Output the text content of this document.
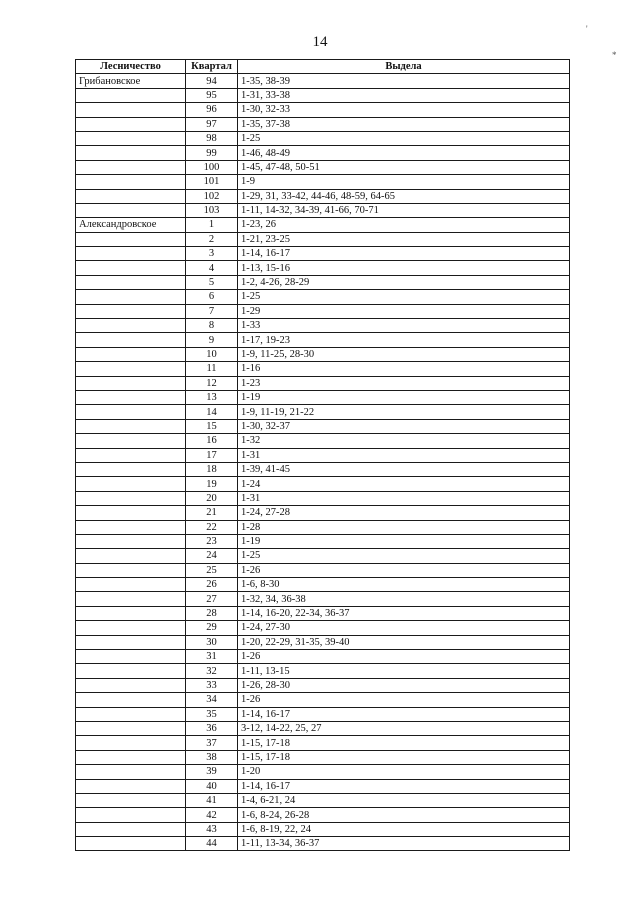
14
'
*
Лесничество	Квартал	Выдела
Грибановское	94	1-35, 38-39
	95	1-31, 33-38
	96	1-30, 32-33
	97	1-35, 37-38
	98	1-25
	99	1-46, 48-49
	100	1-45, 47-48, 50-51
	101	1-9
	102	1-29, 31, 33-42, 44-46, 48-59, 64-65
	103	1-11, 14-32, 34-39, 41-66, 70-71
Александровское	1	1-23, 26
	2	1-21, 23-25
	3	1-14, 16-17
	4	1-13, 15-16
	5	1-2, 4-26, 28-29
	6	1-25
	7	1-29
	8	1-33
	9	1-17, 19-23
	10	1-9, 11-25, 28-30
	11	1-16
	12	1-23
	13	1-19
	14	1-9, 11-19, 21-22
	15	1-30, 32-37
	16	1-32
	17	1-31
	18	1-39, 41-45
	19	1-24
	20	1-31
	21	1-24, 27-28
	22	1-28
	23	1-19
	24	1-25
	25	1-26
	26	1-6, 8-30
	27	1-32, 34, 36-38
	28	1-14, 16-20, 22-34, 36-37
	29	1-24, 27-30
	30	1-20, 22-29, 31-35, 39-40
	31	1-26
	32	1-11, 13-15
	33	1-26, 28-30
	34	1-26
	35	1-14, 16-17
	36	3-12, 14-22, 25, 27
	37	1-15, 17-18
	38	1-15, 17-18
	39	1-20
	40	1-14, 16-17
	41	1-4, 6-21, 24
	42	1-6, 8-24, 26-28
	43	1-6, 8-19, 22, 24
	44	1-11, 13-34, 36-37
